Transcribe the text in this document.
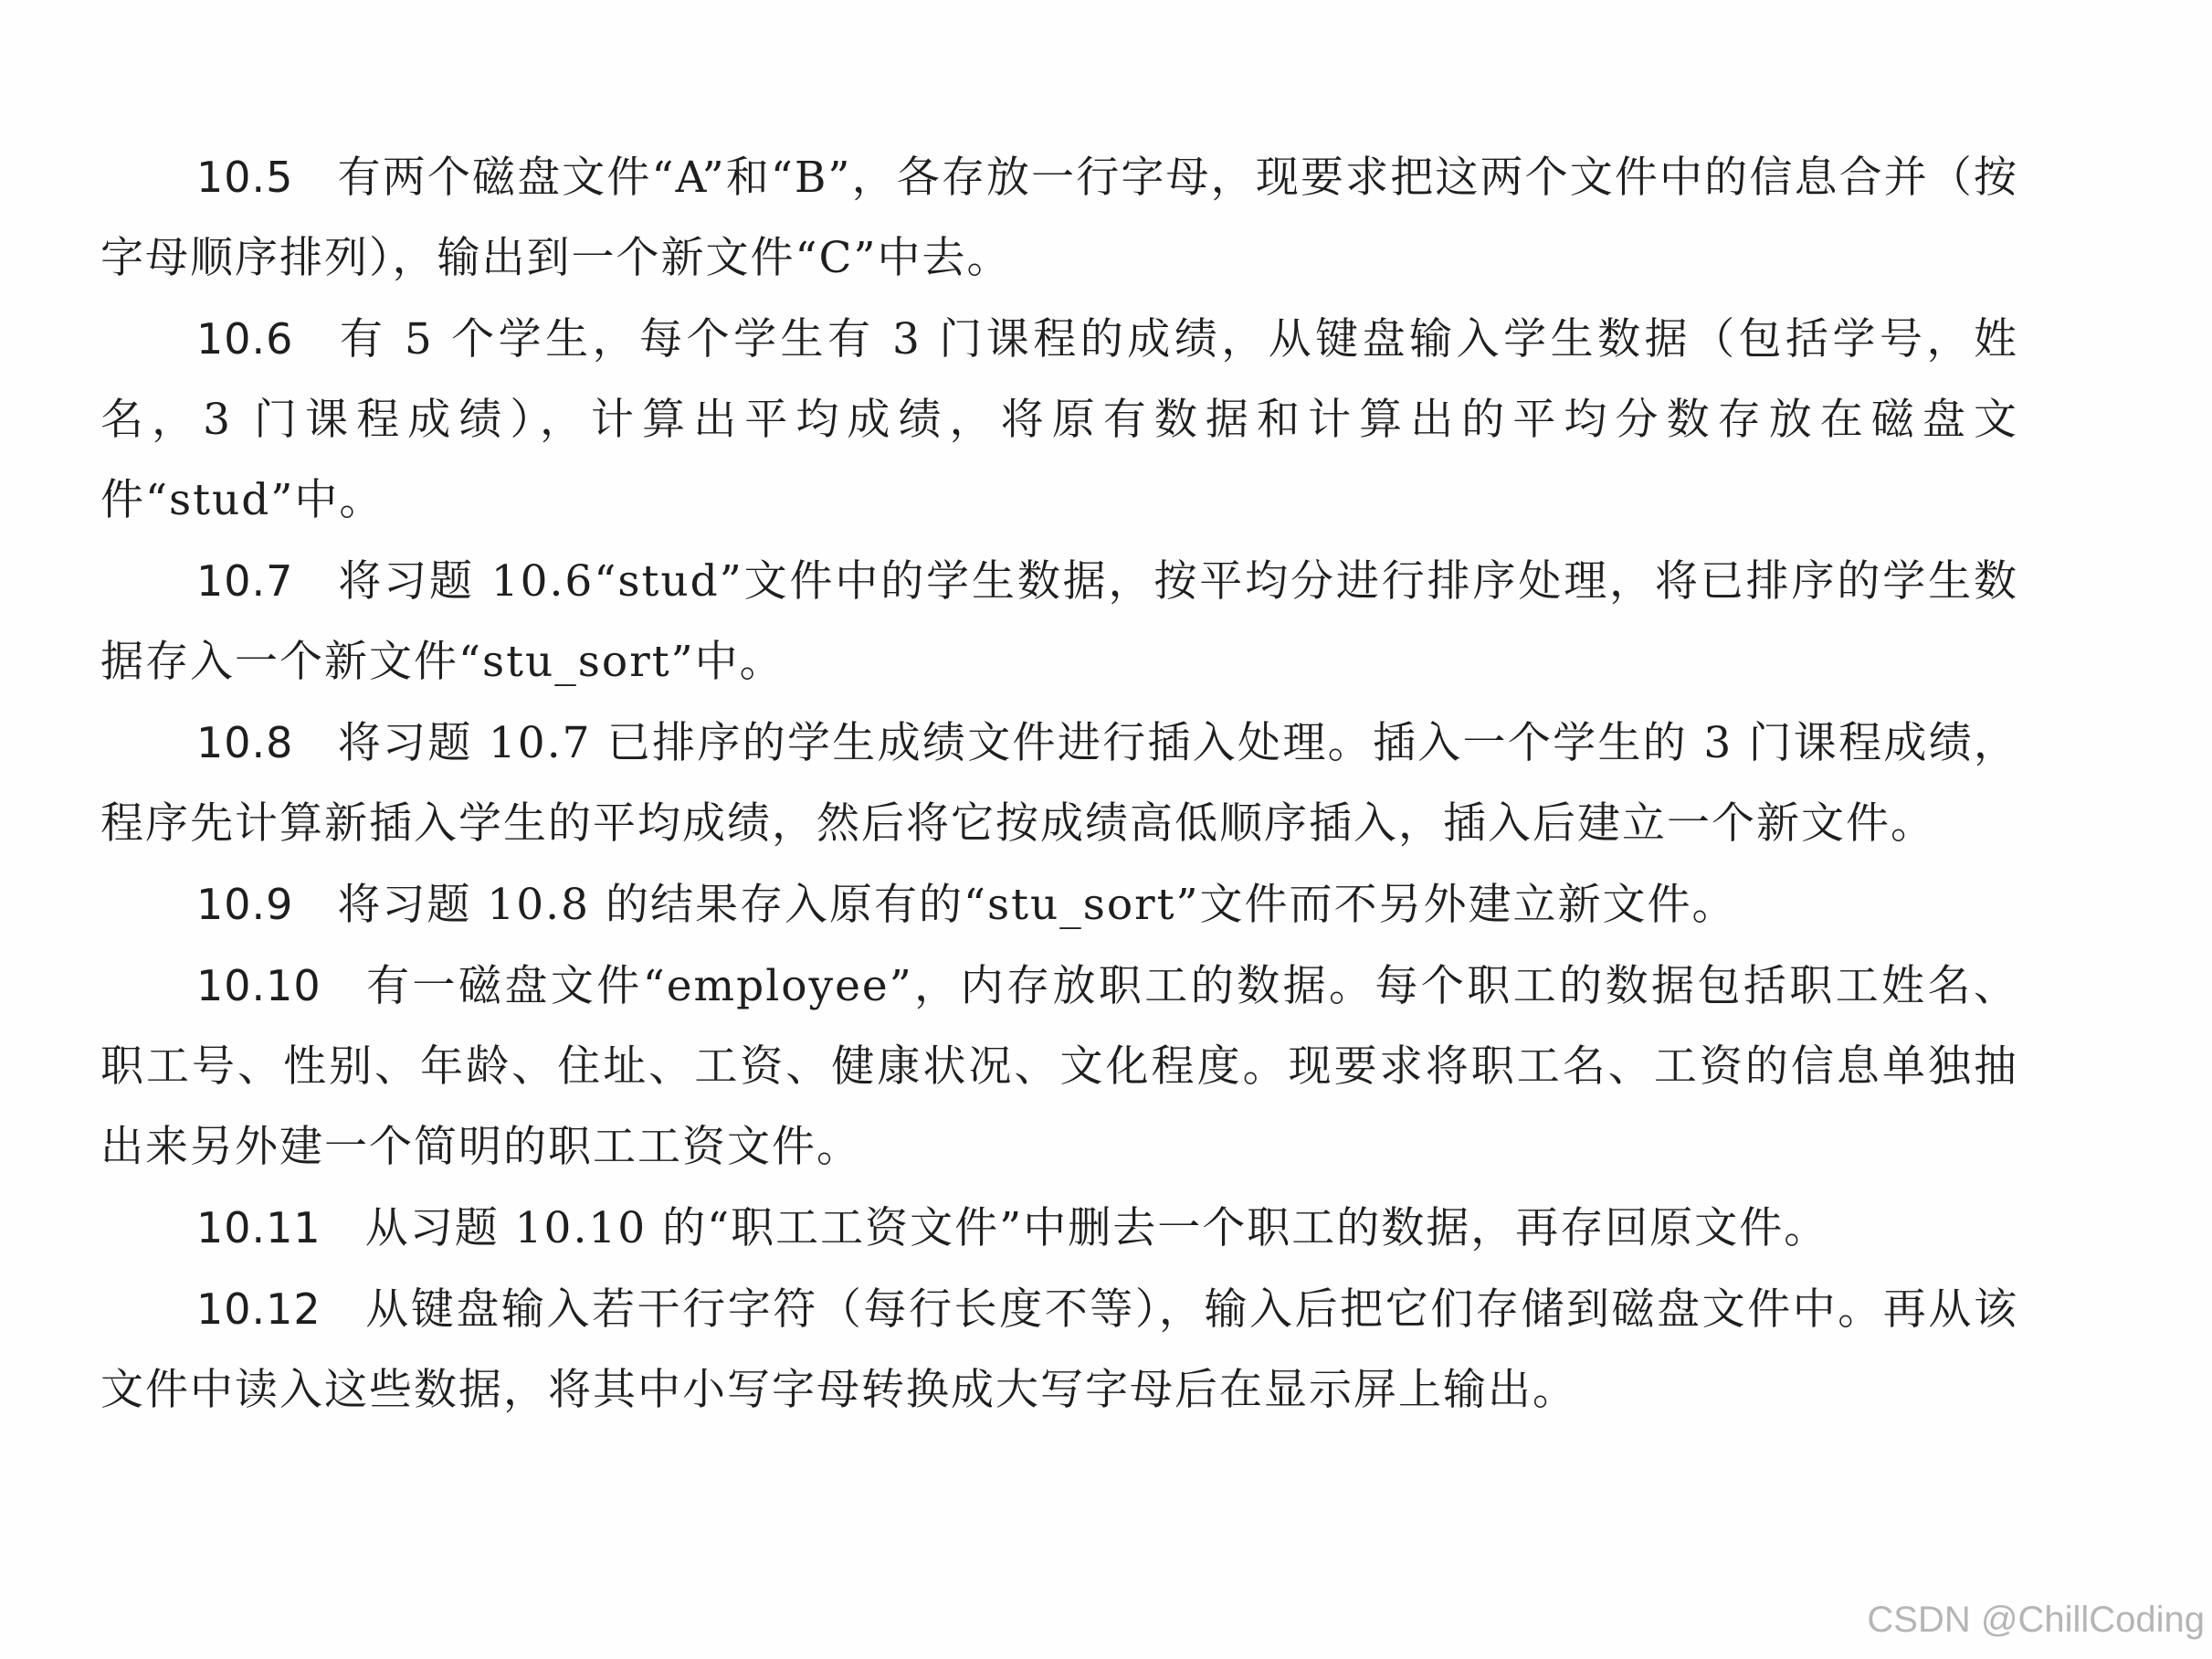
10.5 有两个磁盘文件“A”和“B”，各存放一行字母，现要求把这两个文件中的信息合并（按字母顺序排列），输出到一个新文件“C”中去。

10.6 有 5 个学生，每个学生有 3 门课程的成绩，从键盘输入学生数据（包括学号，姓名，3 门课程成绩），计算出平均成绩，将原有数据和计算出的平均分数存放在磁盘文件“stud”中。

10.7 将习题 10.6“stud”文件中的学生数据，按平均分进行排序处理，将已排序的学生数据存入一个新文件“stu_sort”中。

10.8 将习题 10.7 已排序的学生成绩文件进行插入处理。插入一个学生的 3 门课程成绩，程序先计算新插入学生的平均成绩，然后将它按成绩高低顺序插入，插入后建立一个新文件。

10.9 将习题 10.8 的结果存入原有的“stu_sort”文件而不另外建立新文件。

10.10 有一磁盘文件“employee”，内存放职工的数据。每个职工的数据包括职工姓名、职工号、性别、年龄、住址、工资、健康状况、文化程度。现要求将职工名、工资的信息单独抽出来另外建一个简明的职工工资文件。

10.11 从习题 10.10 的“职工工资文件”中删去一个职工的数据，再存回原文件。

10.12 从键盘输入若干行字符（每行长度不等），输入后把它们存储到磁盘文件中。再从该文件中读入这些数据，将其中小写字母转换成大写字母后在显示屏上输出。

CSDN @ChillCoding
